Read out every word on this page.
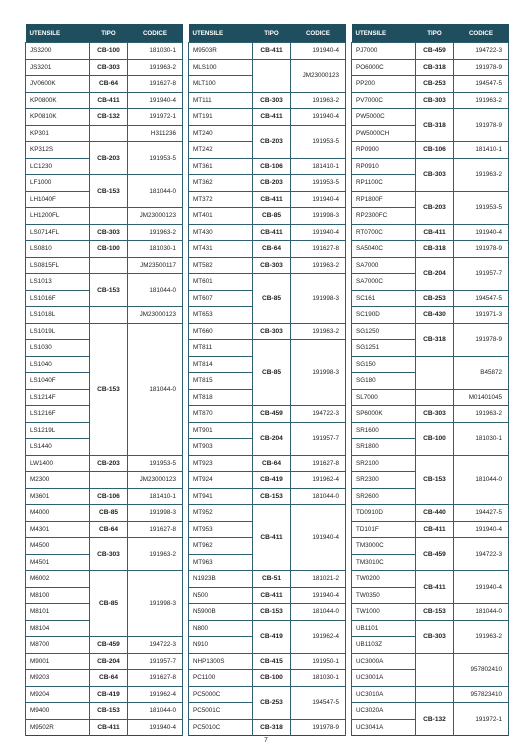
UTENSILE	TIPO	CODICE
JS3200	CB-100	181030-1
JS3201	CB-303	191963-2
JV0600K	CB-64	191627-8
KP0800K	CB-411	191940-4
KP0810K	CB-132	191972-1
KP301		H311236
KP312S	CB-203	191953-5
LC1230		
LF1000	CB-153	181044-0
LH1040F		
LH1200FL		JM23000123
LS0714FL	CB-303	191963-2
LS0810	CB-100	181030-1
LS0815FL		JM23500117
LS1013	CB-153	181044-0
LS1016F		
LS1018L		JM23000123
LS1019L	CB-153	181044-0
LS1030		
LS1040		
LS1040F		
LS1214F		
LS1216F		
LS1219L		
LS1440		
LW1400	CB-203	191953-5
M2300		JM23000123
M3601	CB-106	181410-1
M4000	CB-85	191998-3
M4301	CB-64	191627-8
M4500	CB-303	191963-2
M4501		
M6002	CB-85	191998-3
M8100		
M8101		
M8104		
M8700	CB-459	194722-3
M9001	CB-204	191957-7
M9203	CB-64	191627-8
M9204	CB-419	191962-4
M9400	CB-153	181044-0
M9502R	CB-411	191940-4
UTENSILE	TIPO	CODICE
M9503R	CB-411	191940-4
MLS100		JM23000123
MLT100		
MT111	CB-303	191963-2
MT191	CB-411	191940-4
MT240	CB-203	191953-5
MT242		
MT361	CB-106	181410-1
MT362	CB-203	191953-5
MT372	CB-411	191940-4
MT401	CB-85	191998-3
MT430	CB-411	191940-4
MT431	CB-64	191627-8
MT582	CB-303	191963-2
MT601	CB-85	191998-3
MT607		
MT653		
MT660	CB-303	191963-2
MT811	CB-85	191998-3
MT814		
MT815		
MT818		
MT870	CB-459	194722-3
MT901	CB-204	191957-7
MT903		
MT923	CB-64	191627-8
MT924	CB-419	191962-4
MT941	CB-153	181044-0
MT952	CB-411	191940-4
MT953		
MT962		
MT963		
N1923B	CB-51	181021-2
N500	CB-411	191940-4
N5900B	CB-153	181044-0
N800	CB-419	191962-4
N910		
NHP1300S	CB-415	191950-1
PC1100	CB-100	181030-1
PC5000C	CB-253	194547-5
PC5001C		
PC5010C	CB-318	191978-9
UTENSILE	TIPO	CODICE
PJ7000	CB-459	194722-3
PO6000C	CB-318	191978-9
PP200	CB-253	194547-5
PV7000C	CB-303	191963-2
PW5000C	CB-318	191978-9
PW5000CH		
RP0900	CB-106	181410-1
RP0910	CB-303	191963-2
RP1100C		
RP1800F	CB-203	191953-5
RP2300FC		
RT0700C	CB-411	191940-4
SA5040C	CB-318	191978-9
SA7000	CB-204	191957-7
SA7000C		
SC161	CB-253	194547-5
SC190D	CB-430	191971-3
SG1250	CB-318	191978-9
SG1251		
SG150		B45872
SG180		
SL7000		M01401045
SP6000K	CB-303	191963-2
SR1600	CB-100	181030-1
SR1800		
SR2100	CB-153	181044-0
SR2300		
SR2600		
TD0910D	CB-440	194427-5
TD101F	CB-411	191940-4
TM3000C	CB-459	194722-3
TM3010C		
TW0200	CB-411	191940-4
TW0350		
TW1000	CB-153	181044-0
UB1101	CB-303	191963-2
UB1103Z		
UC3000A		957802410
UC3001A		
UC3010A		957823410
UC3020A	CB-132	191972-1
UC3041A		
7
